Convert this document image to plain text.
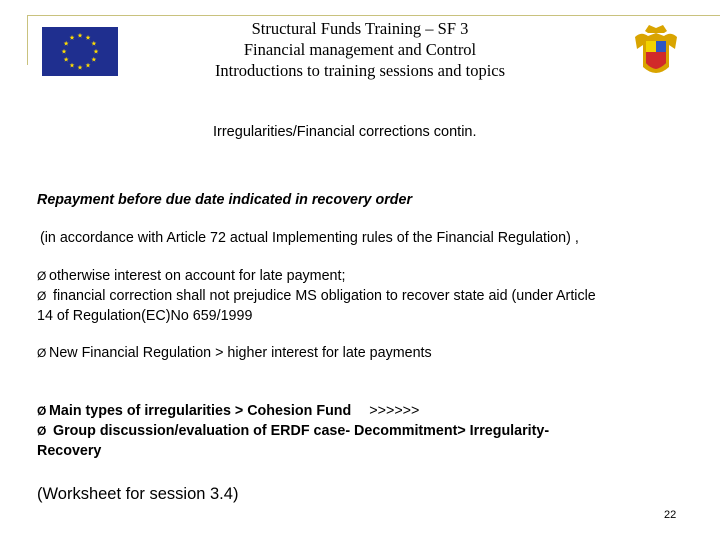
Structural Funds Training – SF 3
Financial management and Control
Introductions to training sessions and topics
Irregularities/Financial corrections contin.
Repayment before due date indicated in recovery order
(in accordance with Article 72 actual Implementing rules of the Financial Regulation) ,
Ø otherwise interest on account for late payment;
Ø financial correction shall not prejudice MS obligation to recover state aid (under Article
14 of Regulation(EC)No 659/1999
Ø New Financial Regulation > higher interest for late payments
Ø Main types of irregularities > Cohesion Fund >>>>>>
Ø Group discussion/evaluation of ERDF case- Decommitment> Irregularity-
Recovery
(Worksheet for session 3.4)
22
